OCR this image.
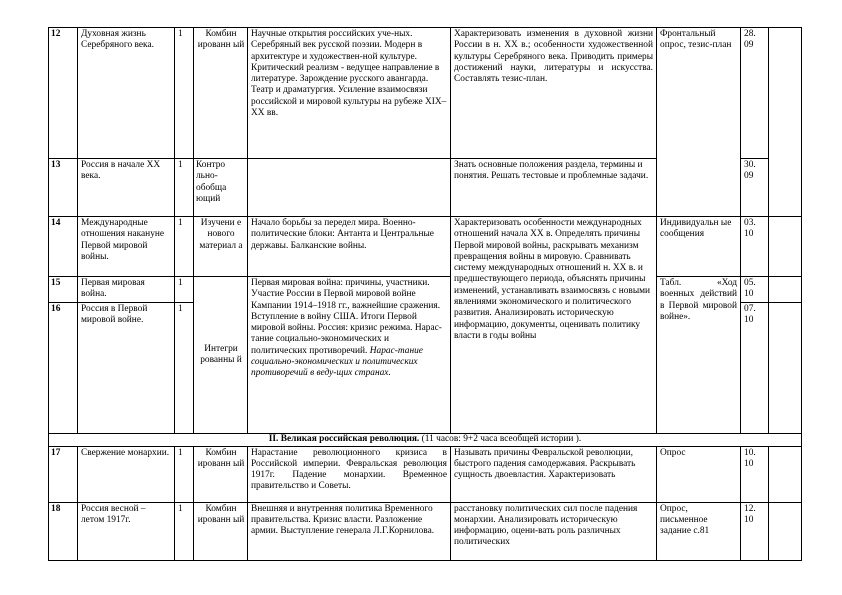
12	Духовная жизнь Серебряного века.	1	Комбин ированн ый	Научные открытия российских уче-ных. Серебряный век русской поэзии. Модерн в архитектуре и художествен-ной культуре. Критический реализм - ведущее направление в литературе. Зарождение русского авангарда. Театр и драматургия. Усиление взаимосвязи российской и мировой культуры на рубеже XIX–XX вв.	Характеризовать изменения в духовной жизни России в н. XX в.; особенности художественной культуры Серебряного века. Приводить примеры достижений науки, литературы и искусства. Составлять тезис-план.	Фронтальный опрос, тезис-план	28. 09	
13	Россия в начале XX века.	1	Контро льно-обобща ющий		Знать основные положения раздела, термины и понятия. Решать тестовые и проблемные задачи.		30. 09	
14	Международные отношения накануне Первой мировой войны.	1	Изучени е нового материал а	Начало борьбы за передел мира. Военно-политические блоки: Антанта и Центральные державы. Балканские войны.	Характеризовать особенности международных отношений начала XX в. Определять причины Первой мировой войны, раскрывать механизм превращения войны в мировую. Сравнивать систему международных отношений н. XX в. и предшествующего периода, объяснять причины изменений, устанавливать взаимосвязь с новыми явлениями экономического и политического развития. Анализировать историческую информацию, документы, оценивать политику власти в годы войны	Индивидуальн ые сообщения	03. 10	
15	Первая мировая война.	1	Интегри рованны й	Первая мировая война: причины, участники. Участие России в Первой мировой войне Кампании 1914–1918 гг., важнейшие сражения. Вступление в войну США. Итоги Первой мировой войны. Россия: кризис режима. Нарас-тание социально-экономических и политических противоречий. Нарас-тание социально-экономических и политических противоречий в веду-щих странах.		Табл. «Ход военных действий в Первой мировой войне».	05. 10	
16	Россия в Первой мировой войне.	1					07. 10	
II. Великая российская революция. (11 часов: 9+2 часа всеобщей истории ).								
17	Свержение монархии.	1	Комбин ированн ый	Нарастание революционного кризиса в Российской империи. Февральская революция 1917г. Падение монархии. Временное правительство и Советы.	Называть причины Февральской революции, быстрого падения самодержавия. Раскрывать сущность двоевластия. Характеризовать	Опрос	10. 10	
18	Россия весной – летом 1917г.	1	Комбин ированн ый	Внешняя и внутренняя политика Временного правительства. Кризис власти. Разложение армии. Выступление генерала Л.Г.Корнилова.	расстановку политических сил после падения монархии. Анализировать историческую информацию, оцени-вать роль различных политических	Опрос, письменное задание с.81	12. 10	
